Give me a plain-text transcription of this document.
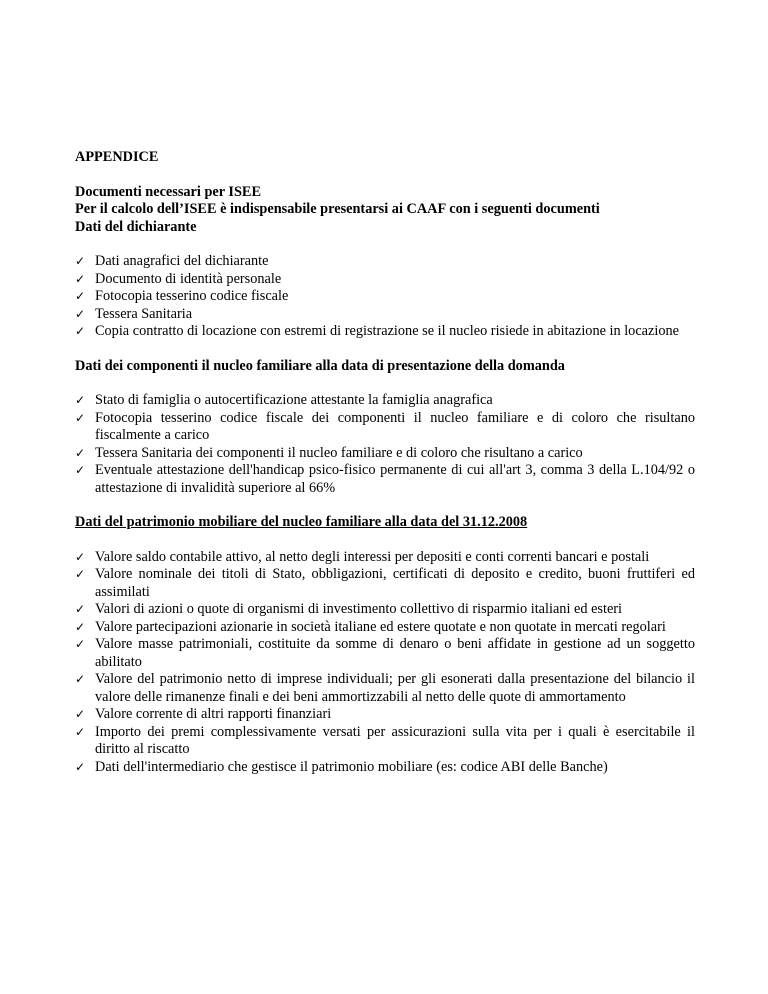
APPENDICE

Documenti necessari per ISEE

Per il calcolo dell’ISEE è indispensabile presentarsi ai CAAF con i seguenti documenti

Dati del dichiarante

✓ Dati anagrafici del dichiarante
✓ Documento di identità personale
✓ Fotocopia tesserino codice fiscale
✓ Tessera Sanitaria
✓ Copia contratto di locazione con estremi di registrazione se il nucleo risiede in abitazione in locazione

Dati dei componenti il nucleo familiare alla data di presentazione della domanda

✓ Stato di famiglia o autocertificazione attestante la famiglia anagrafica
✓ Fotocopia tesserino codice fiscale dei componenti il nucleo familiare e di coloro che risultano fiscalmente a carico
✓ Tessera Sanitaria dei componenti il nucleo familiare e di coloro che risultano a carico
✓ Eventuale attestazione dell'handicap psico-fisico permanente di cui all'art 3, comma 3 della L.104/92 o attestazione di invalidità superiore al 66%

Dati del patrimonio mobiliare del nucleo familiare alla data del 31.12.2008

✓ Valore saldo contabile attivo, al netto degli interessi per depositi e conti correnti bancari e postali
✓ Valore nominale dei titoli di Stato, obbligazioni, certificati di deposito e credito, buoni fruttiferi ed assimilati
✓ Valori di azioni o quote di organismi di investimento collettivo di risparmio italiani ed esteri
✓ Valore partecipazioni azionarie in società italiane ed estere quotate e non quotate in mercati regolari
✓ Valore masse patrimoniali, costituite da somme di denaro o beni affidate in gestione ad un soggetto abilitato
✓ Valore del patrimonio netto di imprese individuali; per gli esonerati dalla presentazione del bilancio il valore delle rimanenze finali e dei beni ammortizzabili al netto delle quote di ammortamento
✓ Valore corrente di altri rapporti finanziari
✓ Importo dei premi complessivamente versati per assicurazioni sulla vita per i quali è esercitabile il diritto al riscatto
✓ Dati dell'intermediario che gestisce il patrimonio mobiliare (es: codice ABI delle Banche)
